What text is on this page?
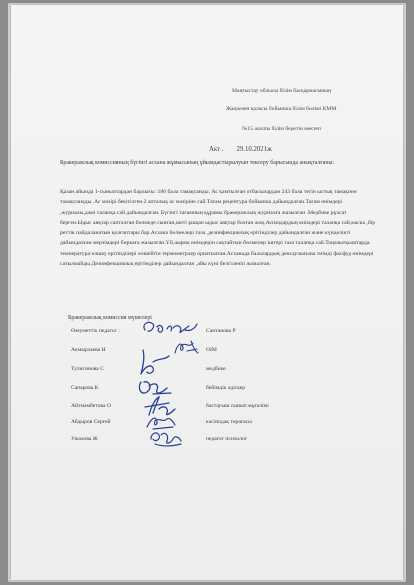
Маңғыстау облысы білім басқармасының
Жаңаөзен қаласы бойынша білім бөлімі КММ
№15 жалпы білім беретін мектеп
Акт . 29.10.2021ж
Бракеражлық комиссияның бүгінгі асхана жұмысының ұйымдастырылуын тексеру барысында анықталғаны:
Қазан айында 1-сыныптардан барлығы :186 бала тамақтанды. Ас қамтылған отбасылардан 243 бала тегін ыстық тамақпен тамақтанады .Ас мәзірі бекітілген.2 апталық ас мәзіріне сай.Тағам рецептура бойынша дайындалған.Тағам өнімдері ,журналы,дәмі талапқа сай дайындалған. Бүгінгі тағамның құрамы бракеражлық журналға жазылған .Медбике рұхсат берген.Ыдыс аяқтар сапталған бөлмеде сынған,шеті ұшқан ыдыс аяқтар болған жоқ.Аспаздардың киімдері талапқа сай,маска ,бір реттік пайдаланатын қолғаптары бар.Асхана бөлмелері таза ,дезинфекциялық ерітінділер дайындалған және күнделікті дайындалған мерзімдері биркаға жазылған.Үй,жарма өнімдерін сақтайтын бөлмелер іштері таза талапқа сай.Тоңазытқыштарда температура өлшеу ерітінділері өлшейтін термометрлер орнатылған.Асханада балалардың денсаулығына тиімді фасфуд өнімдері сатылмайды.Дезинфекциялық ерітінділер дайындалған ,айы күні белгіленіп жазылған.
Бракеражлық комиссия мүшелері
Өзеуметтік педагог :	Саитанова Р
Акмырзаева Н	ОІМ
Тулисинова С	медбике
Сапарова К	бейімдік әдіскер
Айтмамбетова О	бастауыш сынып мұғалімі
Абдыров Сергей	кәсіподақ төрағасы
Ужахова Ж	педагог психолог
